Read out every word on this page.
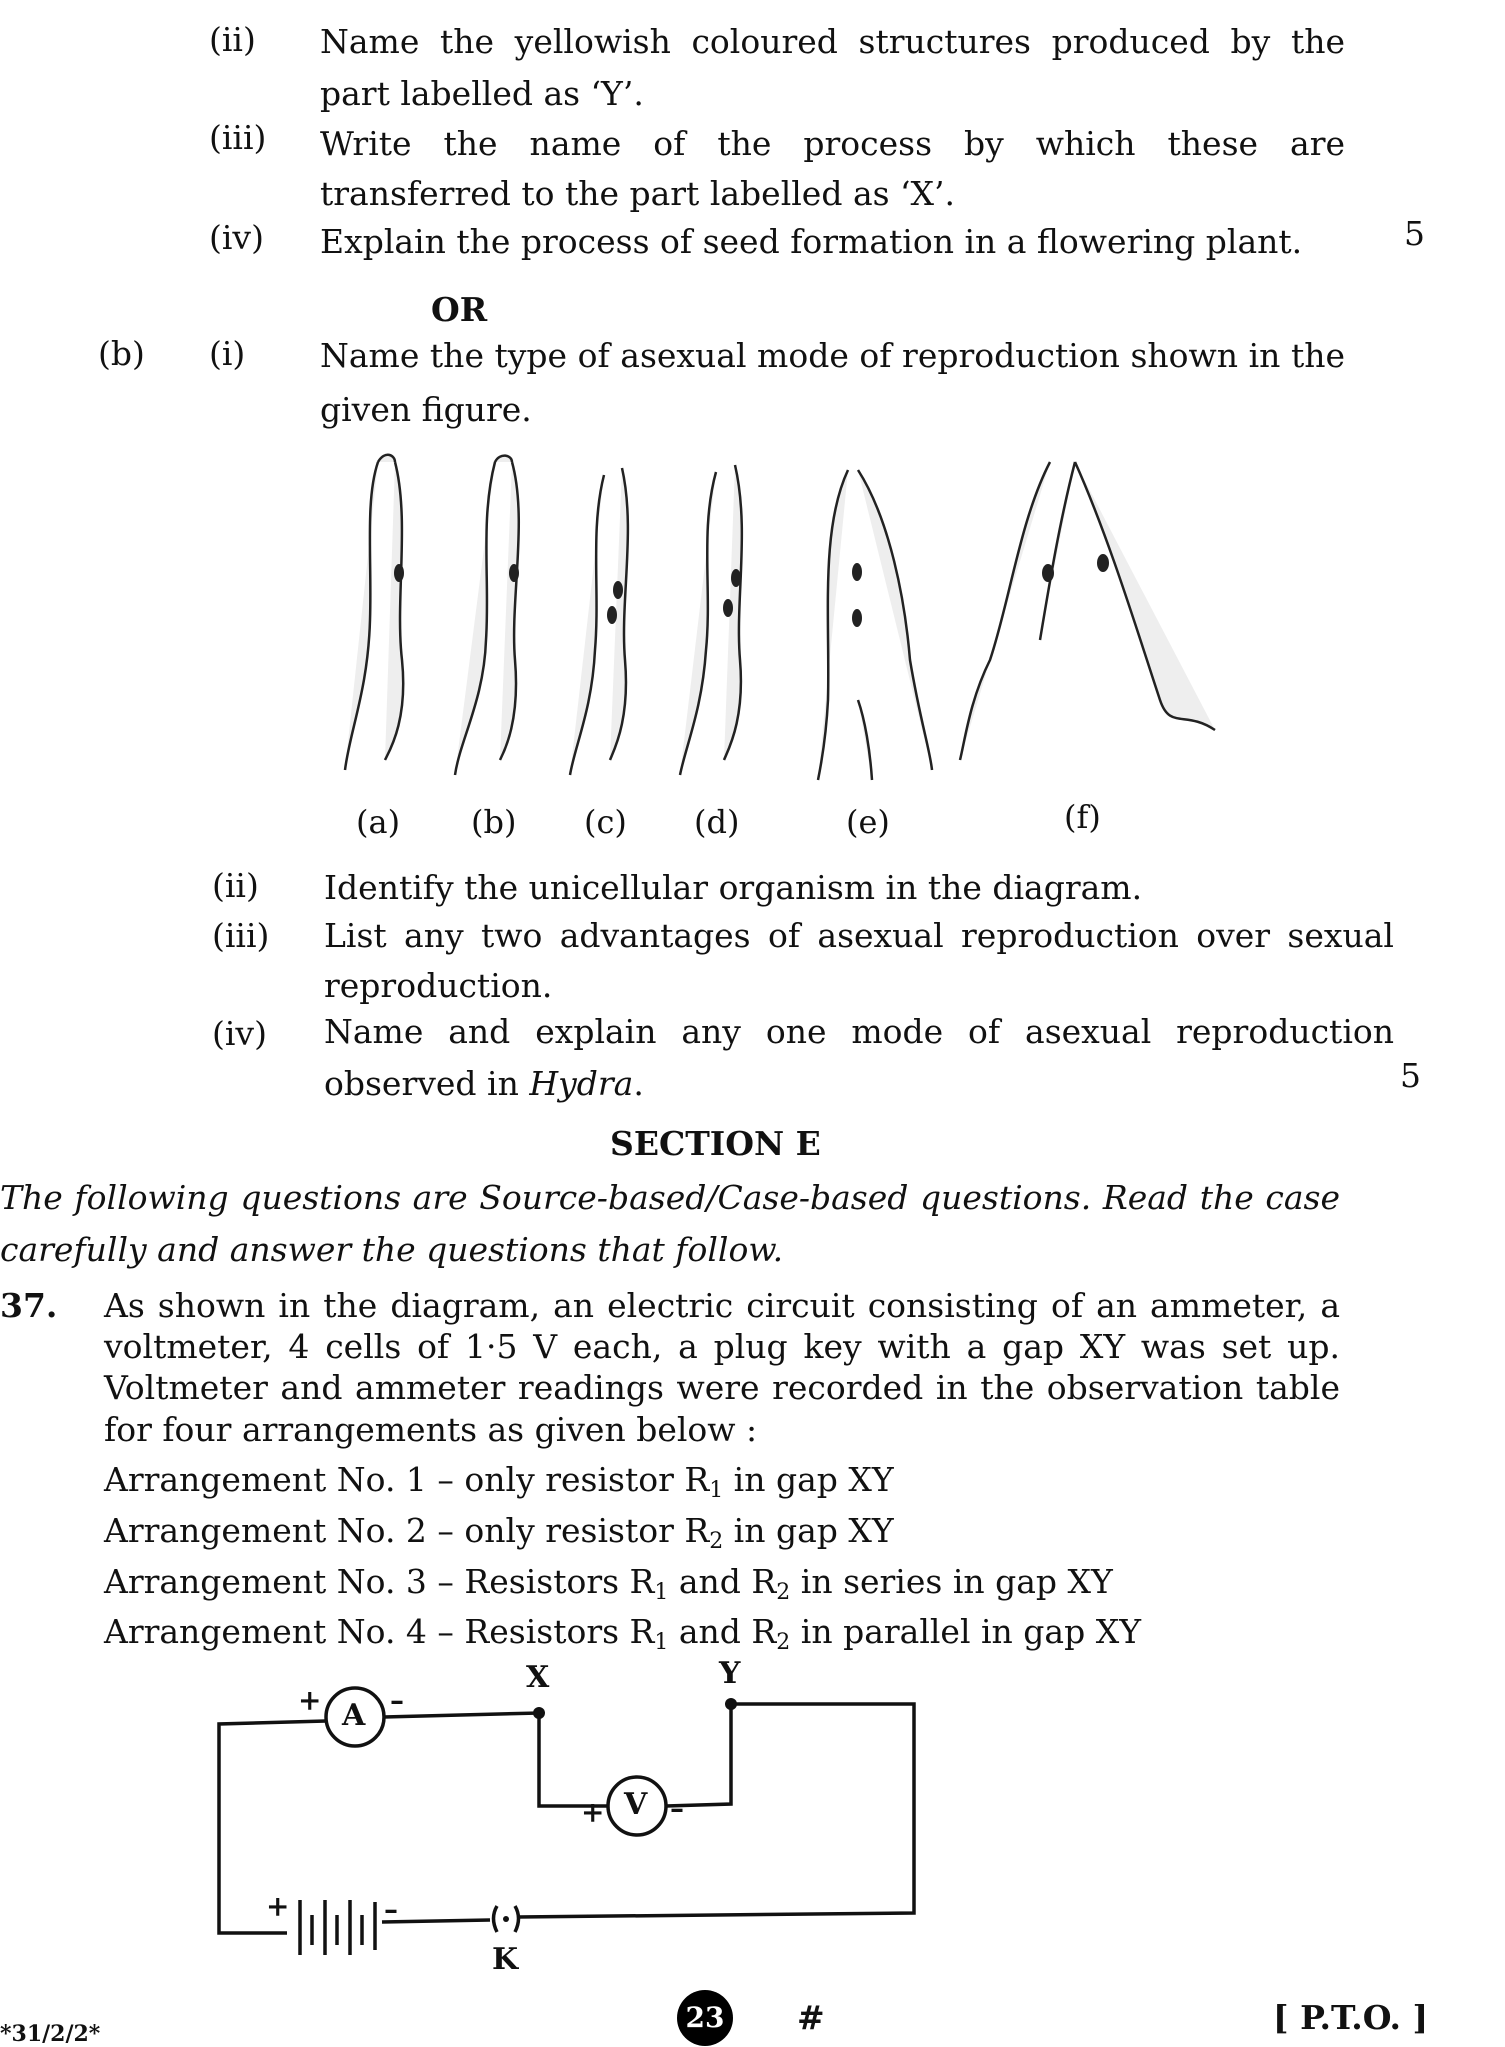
(ii) Name the yellowish coloured structures produced by the
part labelled as ‘Y’.
(iii) Write the name of the process by which these are
transferred to the part labelled as ‘X’.
(iv) Explain the process of seed formation in a flowering plant.	5
OR
(b) (i) Name the type of asexual mode of reproduction shown in the
given figure.
(a) (b) (c) (d)	(e)	(f)
(ii) Identify the unicellular organism in the diagram.
(iii) List any two advantages of asexual reproduction over sexual
reproduction.
(iv) Name and explain any one mode of asexual reproduction
observed in Hydra.	5
SECTION E
The following questions are Source-based/Case-based questions. Read the case
carefully and answer the questions that follow.
37. As shown in the diagram, an electric circuit consisting of an ammeter, a
voltmeter, 4 cells of 1·5 V each, a plug key with a gap XY was set up.
Voltmeter and ammeter readings were recorded in the observation table
for four arrangements as given below :
Arrangement No. 1 – only resistor $R_1$ in gap XY
Arrangement No. 2 – only resistor $R_2$ in gap XY
Arrangement No. 3 – Resistors $R_1$ and $R_2$ in series in gap XY
Arrangement No. 4 – Resistors $R_1$ and $R_2$ in parallel in gap XY
A
+ –
V
+ –
X	Y
+	–
K
*31/2/2*	23 #	[ P.T.O. ]
